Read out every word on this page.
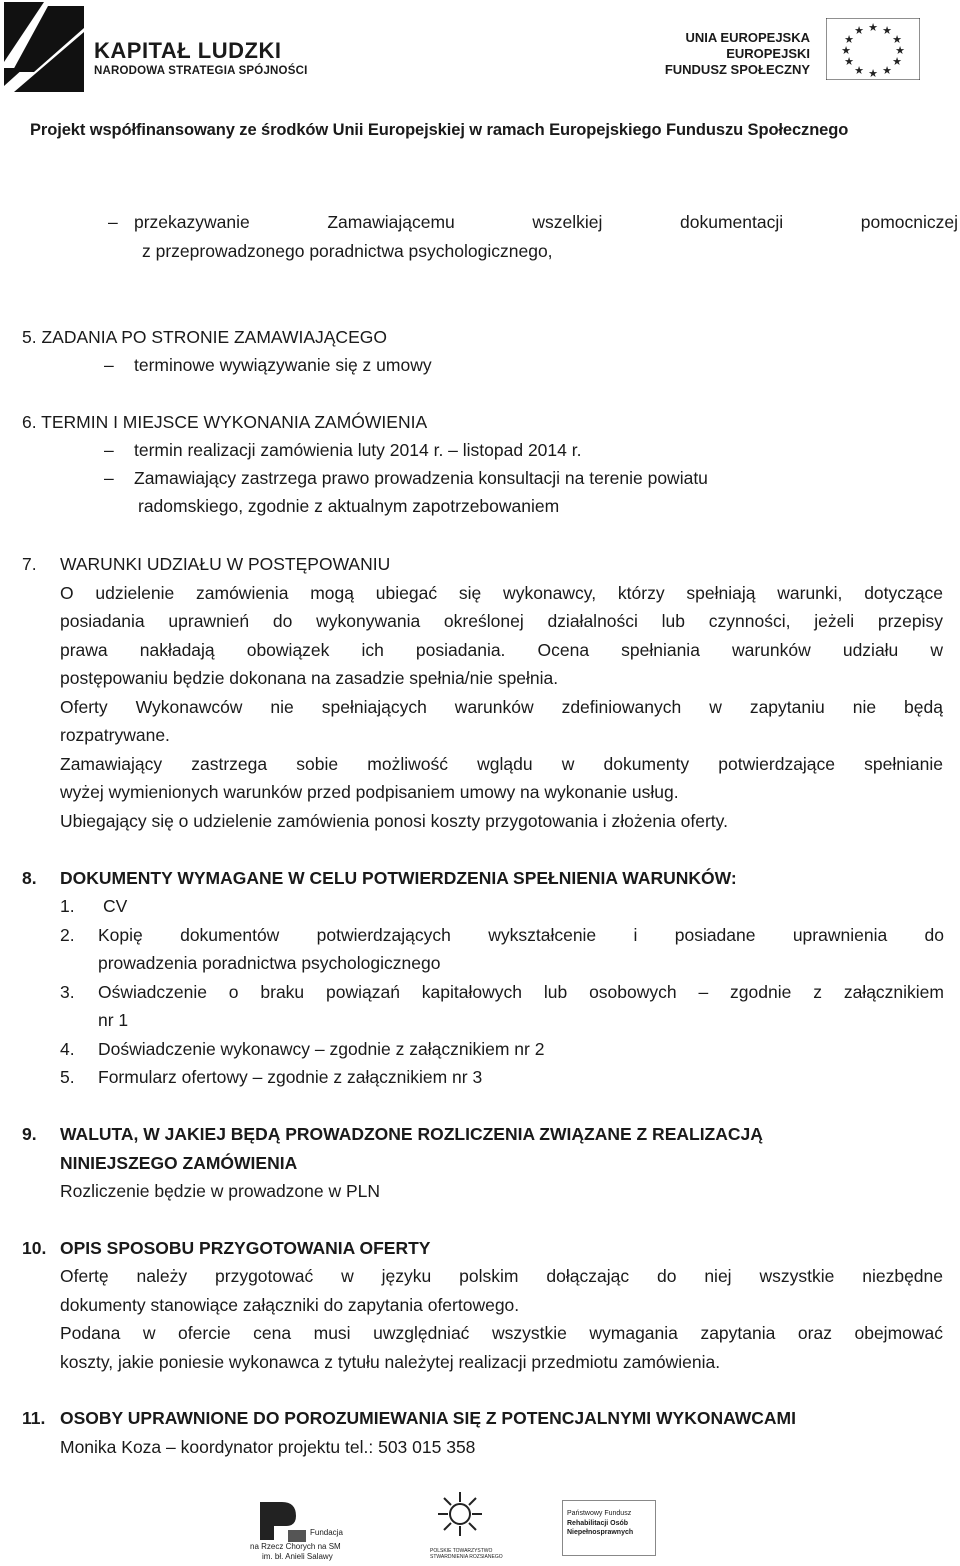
KAPITAŁ LUDZKI
NARODOWA STRATEGIA SPÓJNOŚCI
UNIA EUROPEJSKA
EUROPEJSKI
FUNDUSZ SPOŁECZNY
★ ★
★
★
★
★
★
★
★
★
★
★
Projekt współfinansowany ze środków Unii Europejskiej w ramach Europejskiego Funduszu Społecznego
– przekazywanie Zamawiającemu wszelkiej dokumentacji pomocniczej
z przeprowadzonego poradnictwa psychologicznego,
5. ZADANIA PO STRONIE ZAMAWIAJĄCEGO
– terminowe wywiązywanie się z umowy
6. TERMIN I MIEJSCE WYKONANIA ZAMÓWIENIA
– termin realizacji zamówienia luty 2014 r. – listopad 2014 r.
– Zamawiający zastrzega prawo prowadzenia konsultacji na terenie powiatu
radomskiego, zgodnie z aktualnym zapotrzebowaniem
7. WARUNKI UDZIAŁU W POSTĘPOWANIU
O udzielenie zamówienia mogą ubiegać się wykonawcy, którzy spełniają warunki, dotyczące
posiadania uprawnień do wykonywania określonej działalności lub czynności, jeżeli przepisy
prawa nakładają obowiązek ich posiadania. Ocena spełniania warunków udziału w
postępowaniu będzie dokonana na zasadzie spełnia/nie spełnia.
Oferty Wykonawców nie spełniających warunków zdefiniowanych w zapytaniu nie będą
rozpatrywane.
Zamawiający zastrzega sobie możliwość wglądu w dokumenty potwierdzające spełnianie
wyżej wymienionych warunków przed podpisaniem umowy na wykonanie usług.
Ubiegający się o udzielenie zamówienia ponosi koszty przygotowania i złożenia oferty.
8. DOKUMENTY WYMAGANE W CELU POTWIERDZENIA SPEŁNIENIA WARUNKÓW:
1. CV
2. Kopię dokumentów potwierdzających wykształcenie i posiadane uprawnienia do
prowadzenia poradnictwa psychologicznego
3. Oświadczenie o braku powiązań kapitałowych lub osobowych – zgodnie z załącznikiem
nr 1
4. Doświadczenie wykonawcy – zgodnie z załącznikiem nr 2
5. Formularz ofertowy – zgodnie z załącznikiem nr 3
9. WALUTA, W JAKIEJ BĘDĄ PROWADZONE ROZLICZENIA ZWIĄZANE Z REALIZACJĄ
NINIEJSZEGO ZAMÓWIENIA
Rozliczenie będzie w prowadzone w PLN
10. OPIS SPOSOBU PRZYGOTOWANIA OFERTY
Ofertę należy przygotować w języku polskim dołączając do niej wszystkie niezbędne
dokumenty stanowiące załączniki do zapytania ofertowego.
Podana w ofercie cena musi uwzględniać wszystkie wymagania zapytania oraz obejmować
koszty, jakie poniesie wykonawca z tytułu należytej realizacji przedmiotu zamówienia.
11. OSOBY UPRAWNIONE DO POROZUMIEWANIA SIĘ Z POTENCJALNYMI WYKONAWCAMI
Monika Koza – koordynator projektu tel.: 503 015 358
Fundacja
na Rzecz Chorych na SM
im. bł. Anieli Salawy
POLSKIE TOWARZYSTWO
STWARDNIENIA ROZSIANEGO
Państwowy Fundusz
Rehabilitacji Osób
Niepełnosprawnych
